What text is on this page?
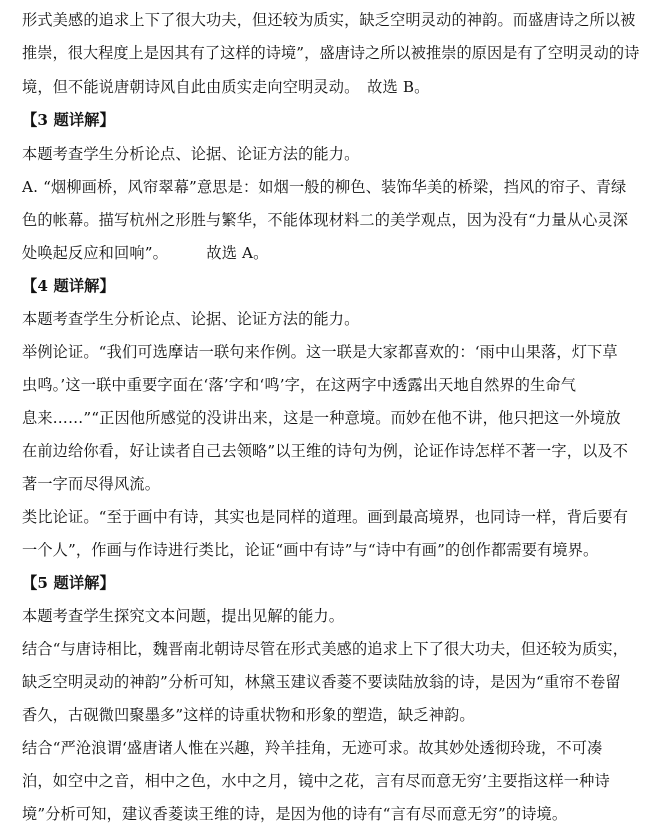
形式美感的追求上下了很大功夫，但还较为质实，缺乏空明灵动的神韵。而盛唐诗之所以被
推崇，很大程度上是因其有了这样的诗境”，盛唐诗之所以被推崇的原因是有了空明灵动的诗
境，但不能说唐朝诗风自此由质实走向空明灵动。　故选 B。
【3 题详解】
本题考查学生分析论点、论据、论证方法的能力。
A. “烟柳画桥，风帘翠幕”意思是：如烟一般的柳色、装饰华美的桥梁，挡风的帘子、青绿
色的帐幕。描写杭州之形胜与繁华，不能体现材料二的美学观点，因为没有“力量从心灵深
处唤起反应和回响”。　　　故选 A。
【4 题详解】
本题考查学生分析论点、论据、论证方法的能力。
举例论证。“我们可选摩诘一联句来作例。这一联是大家都喜欢的：‘雨中山果落，灯下草
虫鸣。’这一联中重要字面在‘落’字和‘鸣’字，在这两字中透露出天地自然界的生命气
息来……”“正因他所感觉的没讲出来，这是一种意境。而妙在他不讲，他只把这一外境放
在前边给你看，好让读者自己去领略”以王维的诗句为例，论证作诗怎样不著一字，以及不
著一字而尽得风流。
类比论证。“至于画中有诗，其实也是同样的道理。画到最高境界，也同诗一样，背后要有
一个人”，作画与作诗进行类比，论证“画中有诗”与“诗中有画”的创作都需要有境界。
【5 题详解】
本题考查学生探究文本问题，提出见解的能力。
结合“与唐诗相比，魏晋南北朝诗尽管在形式美感的追求上下了很大功夫，但还较为质实，
缺乏空明灵动的神韵”分析可知，林黛玉建议香菱不要读陆放翁的诗，是因为“重帘不卷留
香久，古砚微凹聚墨多”这样的诗重状物和形象的塑造，缺乏神韵。
结合“严沧浪谓‘盛唐诸人惟在兴趣，羚羊挂角，无迹可求。故其妙处透彻玲珑，不可凑
泊，如空中之音，相中之色，水中之月，镜中之花，言有尽而意无穷’主要指这样一种诗
境”分析可知，建议香菱读王维的诗，是因为他的诗有“言有尽而意无穷”的诗境。
